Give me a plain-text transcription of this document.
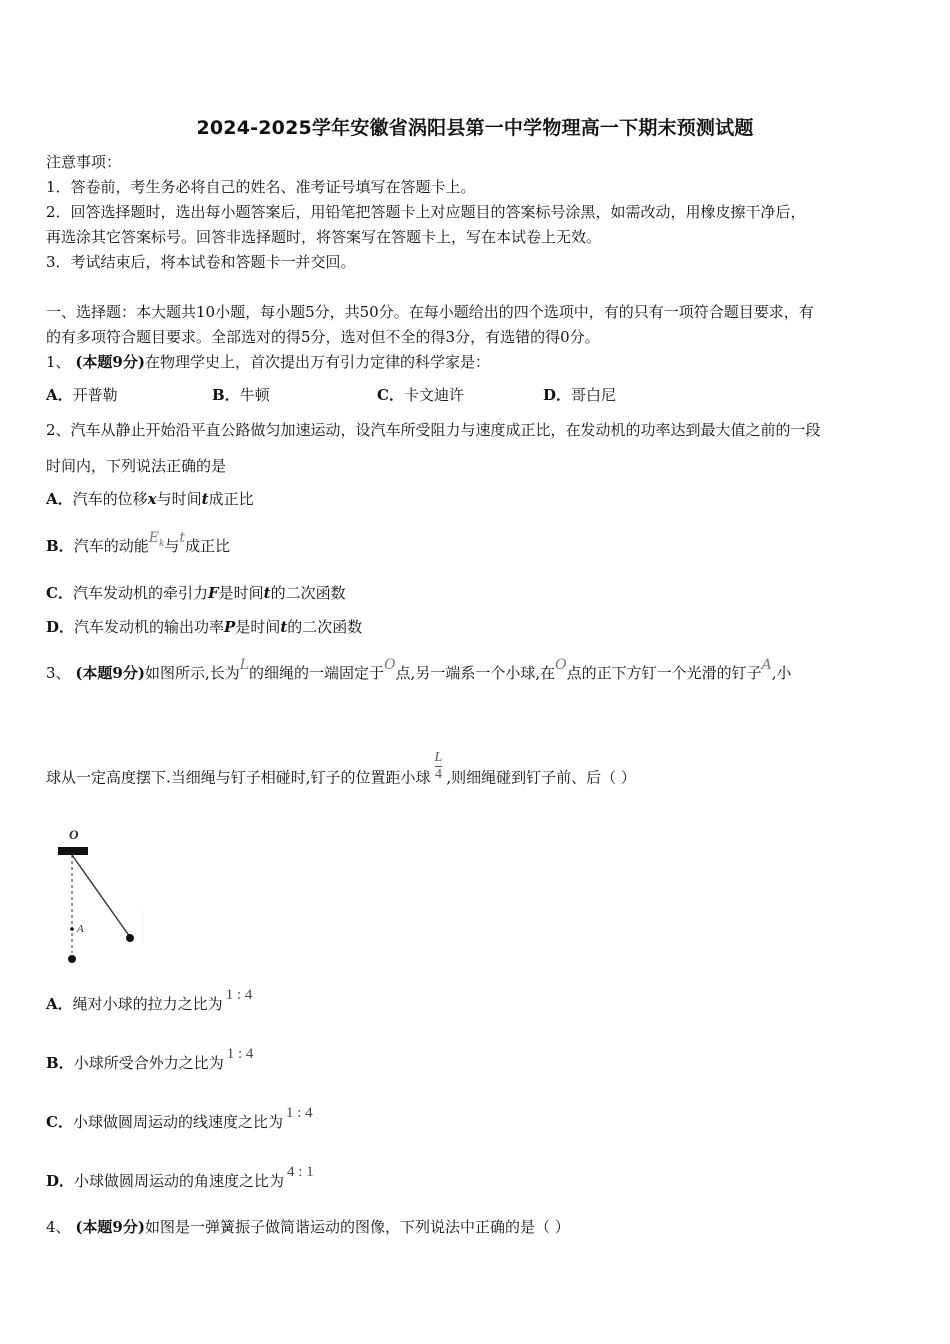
2024-2025学年安徽省涡阳县第一中学物理高一下期末预测试题
注意事项：
1．答卷前，考生务必将自己的姓名、准考证号填写在答题卡上。
2．回答选择题时，选出每小题答案后，用铅笔把答题卡上对应题目的答案标号涂黑，如需改动，用橡皮擦干净后，
再选涂其它答案标号。回答非选择题时，将答案写在答题卡上，写在本试卷上无效。
3．考试结束后，将本试卷和答题卡一并交回。
一、选择题：本大题共10小题，每小题5分，共50分。在每小题给出的四个选项中，有的只有一项符合题目要求，有
的有多项符合题目要求。全部选对的得5分，选对但不全的得3分，有选错的得0分。
1、 (本题9分)在物理学史上，首次提出万有引力定律的科学家是：
A．开普勒	B．牛顿	C．卡文迪许	D．哥白尼
2、汽车从静止开始沿平直公路做匀加速运动，设汽车所受阻力与速度成正比，在发动机的功率达到最大值之前的一段
时间内，下列说法正确的是
A．汽车的位移x与时间t成正比
B．汽车的动能$E_k$与t成正比
C．汽车发动机的牵引力F是时间t的二次函数
D．汽车发动机的输出功率P是时间t的二次函数
3、 (本题9分)如图所示,长为L的细绳的一端固定于O点,另一端系一个小球,在O点的正下方钉一个光滑的钉子A,小
球从一定高度摆下.当细绳与钉子相碰时,钉子的位置距小球 $\frac{L}{4}$ ,则细绳碰到钉子前、后（ ）
O
A
A．绳对小球的拉力之比为 1 : 4
B．小球所受合外力之比为 1 : 4
C．小球做圆周运动的线速度之比为 1 : 4
D．小球做圆周运动的角速度之比为 4 : 1
4、 (本题9分)如图是一弹簧振子做简谐运动的图像，下列说法中正确的是（ ）
